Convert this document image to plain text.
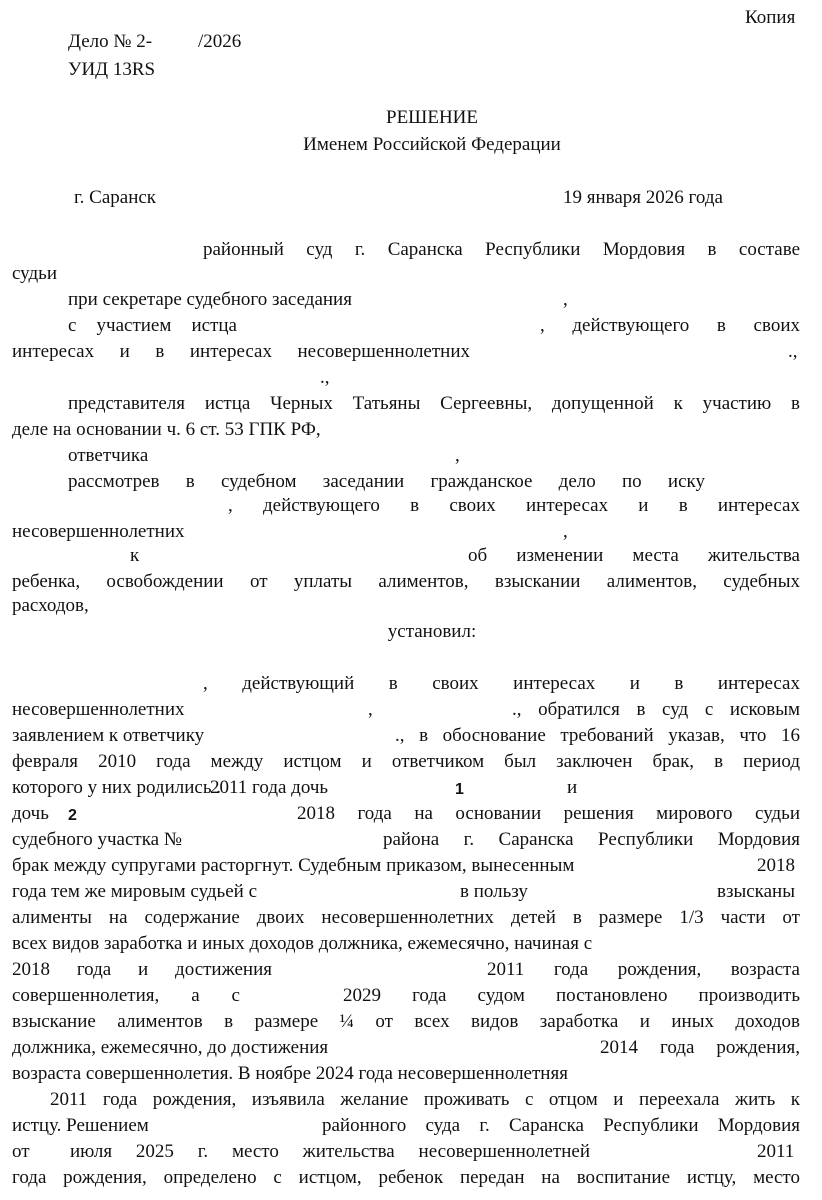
Копия
Дело № 2- /2026
УИД 13RS
РЕШЕНИЕ
Именем Российской Федерации
г. Саранск	19 января 2026 года
районный суд г. Саранска Республики Мордовия в составе
судьи
при секретаре судебного заседания	,
с участием истца	, действующего в своих
интересах и в интересах несовершеннолетних	.,
.,
представителя истца Черных Татьяны Сергеевны, допущенной к участию в
деле на основании ч. 6 ст. 53 ГПК РФ,
ответчика	,
рассмотрев в судебном заседании гражданское дело по иску
, действующего в своих интересах и в интересах
несовершеннолетних	,
к	об изменении места жительства
ребенка, освобождении от уплаты алиментов, взыскании алиментов, судебных
расходов,
установил:
, действующий в своих интересах и в интересах
несовершеннолетних	,	., обратился в суд с исковым
заявлением к ответчику	., в обоснование требований указав, что 16
февраля 2010 года между истцом и ответчиком был заключен брак, в период
которого у них родились .
2011 года дочь	1	и
дочь 2	2018 года на основании решения мирового судьи
судебного участка №	района г. Саранска Республики Мордовия
брак между супругами расторгнут. Судебным приказом, вынесенным	2018
года тем же мировым судьей с	в пользу	взысканы
алименты на содержание двоих несовершеннолетних детей в размере 1/3 части от
всех видов заработка и иных доходов должника, ежемесячно, начиная с
2018 года и достижения	2011 года рождения, возраста
совершеннолетия, а с	2029 года судом постановлено производить
взыскание алиментов в размере ¼ от всех видов заработка и иных доходов
должника, ежемесячно, до достижения	2014 года рождения,
возраста совершеннолетия. В ноябре 2024 года несовершеннолетняя
2011 года рождения, изъявила желание проживать с отцом и переехала жить к
истцу. Решением	районного суда г. Саранска Республики Мордовия
от июля 2025 г. место жительства несовершеннолетней	2011
года рождения, определено с истцом, ребенок передан на воспитание истцу, место
